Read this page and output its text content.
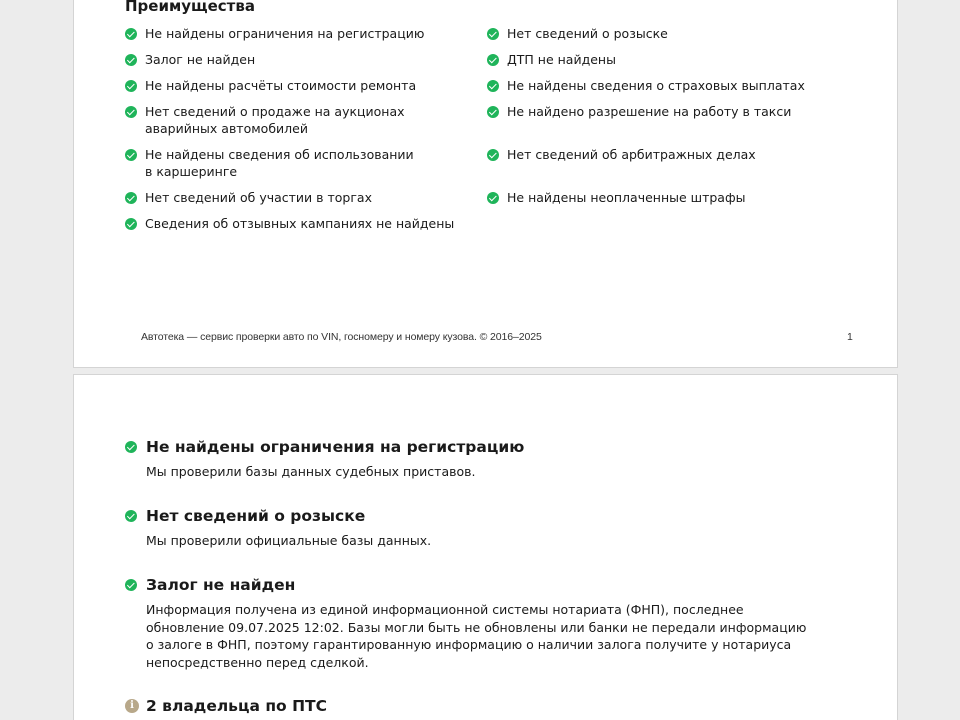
Преимущества
Не найдены ограничения на регистрацию
Залог не найден
Не найдены расчёты стоимости ремонта
Нет сведений о продаже на аукционах аварийных автомобилей
Не найдены сведения об использовании в каршеринге
Нет сведений об участии в торгах
Сведения об отзывных кампаниях не найдены
Нет сведений о розыске
ДТП не найдены
Не найдены сведения о страховых выплатах
Не найдено разрешение на работу в такси
Нет сведений об арбитражных делах
Не найдены неоплаченные штрафы
Автотека — сервис проверки авто по VIN, госномеру и номеру кузова. © 2016–2025	1
Не найдены ограничения на регистрацию

Мы проверили базы данных судебных приставов.

Нет сведений о розыске

Мы проверили официальные базы данных.

Залог не найден

Информация получена из единой информационной системы нотариата (ФНП), последнее обновление 09.07.2025 12:02. Базы могли быть не обновлены или банки не передали информацию о залоге в ФНП, поэтому гарантированную информацию о наличии залога получите у нотариуса непосредственно перед сделкой.

i 2 владельца по ПТС
